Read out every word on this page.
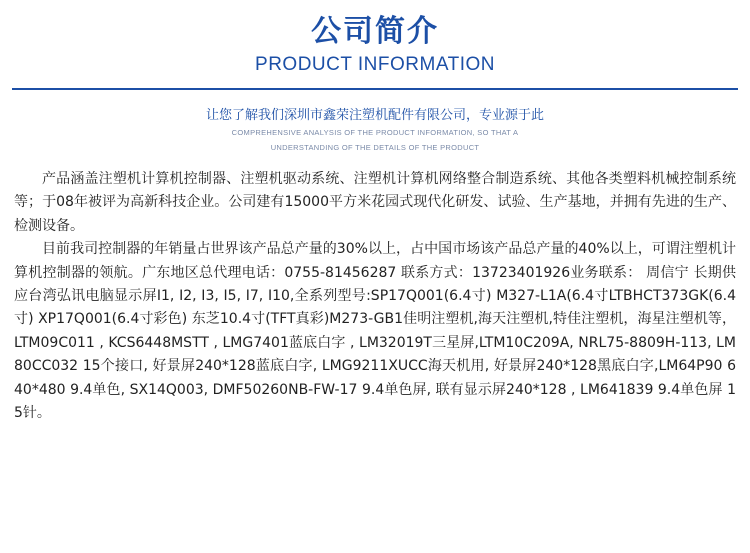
公司简介
PRODUCT INFORMATION
让您了解我们深圳市鑫荣注塑机配件有限公司，专业源于此
COMPREHENSIVE ANALYSIS OF THE PRODUCT INFORMATION, SO THAT A
UNDERSTANDING OF THE DETAILS OF THE PRODUCT

产品涵盖注塑机计算机控制器、注塑机驱动系统、注塑机计算机网络整合制造系统、其他各类塑料机械控制系统等；于08年被评为高新科技企业。公司建有15000平方米花园式现代化研发、试验、生产基地，并拥有先进的生产、检测设备。

目前我司控制器的年销量占世界该产品总产量的30%以上，占中国市场该产品总产量的40%以上，可谓注塑机计算机控制器的领航。广东地区总代理电话：0755-81456287 联系方式：13723401926业务联系： 周信宁 长期供应台湾弘讯电脑显示屏I1, I2, I3, I5, I7, I10,全系列型号:SP17Q001(6.4寸) M327-L1A(6.4寸LTBHCT373GK(6.4寸) XP17Q001(6.4寸彩色) 东芝10.4寸(TFT真彩)M273-GB1佳明注塑机,海天注塑机,特佳注塑机，海星注塑机等， LTM09C011 , KCS6448MSTT , LMG7401蓝底白字 , LM32019T三星屏,LTM10C209A, NRL75-8809H-113, LM80CC032 15个接口, 好景屏240*128蓝底白字, LMG9211XUCC海天机用, 好景屏240*128黑底白字,LM64P90 640*480 9.4单色, SX14Q003, DMF50260NB-FW-17 9.4单色屏, 联有显示屏240*128 , LM641839 9.4单色屏 15针。
